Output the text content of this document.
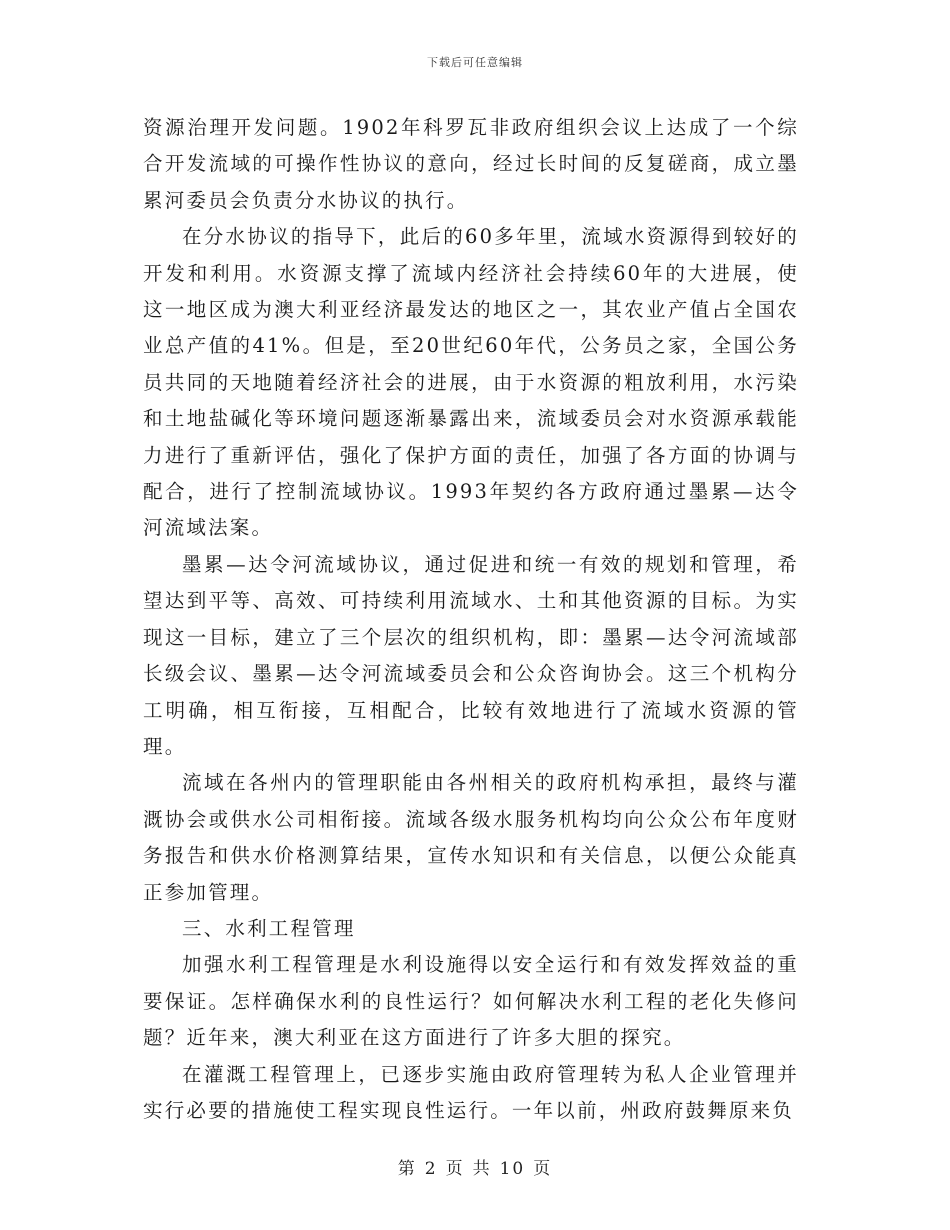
下载后可任意编辑

资源治理开发问题。1902年科罗瓦非政府组织会议上达成了一个综合开发流域的可操作性协议的意向，经过长时间的反复磋商，成立墨累河委员会负责分水协议的执行。

在分水协议的指导下，此后的60多年里，流域水资源得到较好的开发和利用。水资源支撑了流域内经济社会持续60年的大进展，使这一地区成为澳大利亚经济最发达的地区之一，其农业产值占全国农业总产值的41%。但是，至20世纪60年代，公务员之家，全国公务员共同的天地随着经济社会的进展，由于水资源的粗放利用，水污染和土地盐碱化等环境问题逐渐暴露出来，流域委员会对水资源承载能力进行了重新评估，强化了保护方面的责任，加强了各方面的协调与配合，进行了控制流域协议。1993年契约各方政府通过墨累—达令河流域法案。

墨累—达令河流域协议，通过促进和统一有效的规划和管理，希望达到平等、高效、可持续利用流域水、土和其他资源的目标。为实现这一目标，建立了三个层次的组织机构，即：墨累—达令河流域部长级会议、墨累—达令河流域委员会和公众咨询协会。这三个机构分工明确，相互衔接，互相配合，比较有效地进行了流域水资源的管理。

流域在各州内的管理职能由各州相关的政府机构承担，最终与灌溉协会或供水公司相衔接。流域各级水服务机构均向公众公布年度财务报告和供水价格测算结果，宣传水知识和有关信息，以便公众能真正参加管理。

三、水利工程管理

加强水利工程管理是水利设施得以安全运行和有效发挥效益的重要保证。怎样确保水利的良性运行？如何解决水利工程的老化失修问题？近年来，澳大利亚在这方面进行了许多大胆的探究。

在灌溉工程管理上，已逐步实施由政府管理转为私人企业管理并实行必要的措施使工程实现良性运行。一年以前，州政府鼓舞原来负

第 2 页 共 10 页
